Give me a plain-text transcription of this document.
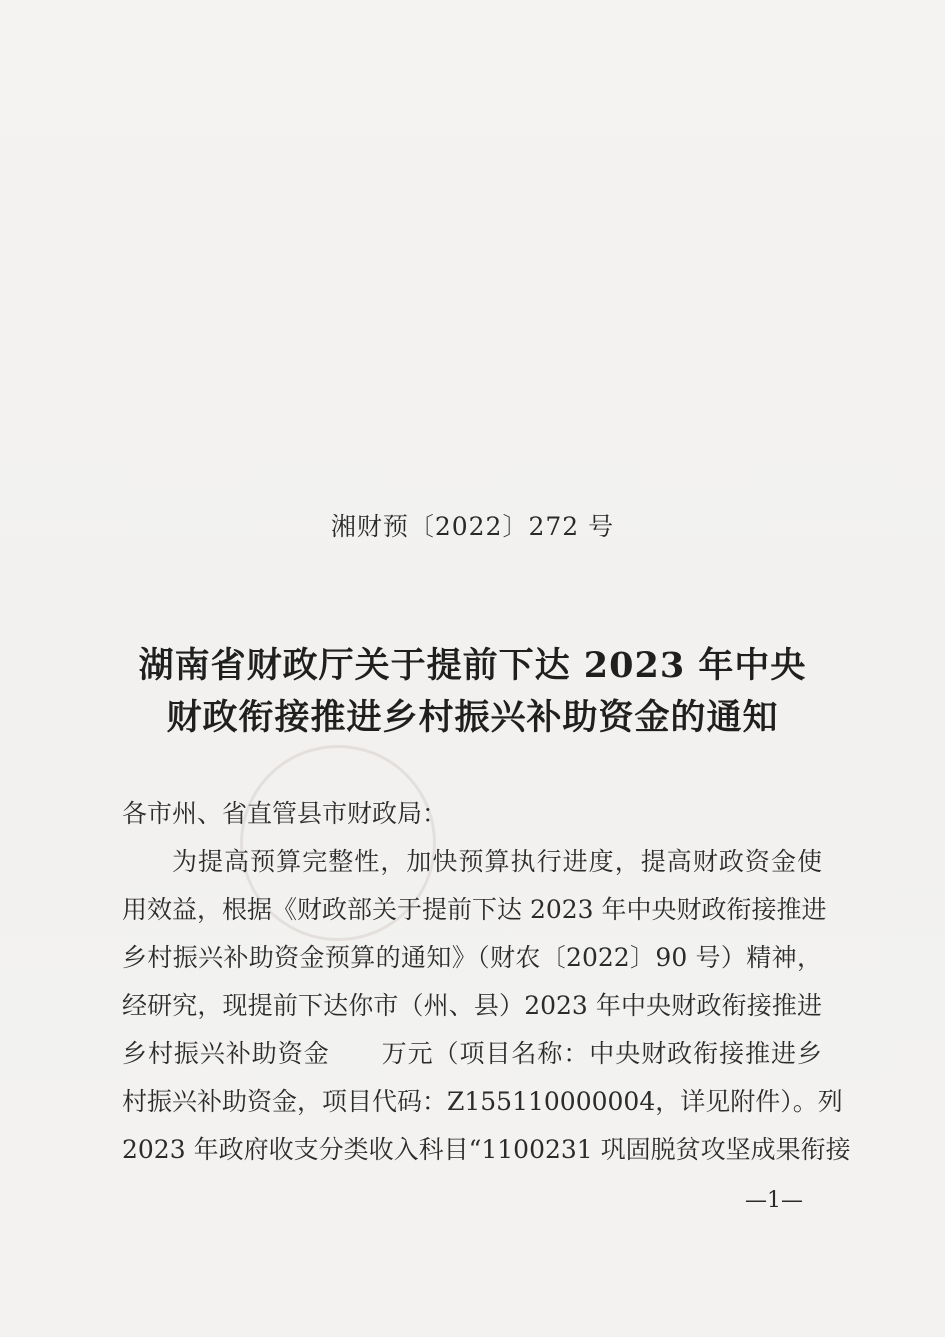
湘财预〔2022〕272 号
湖南省财政厅关于提前下达 2023 年中央
财政衔接推进乡村振兴补助资金的通知
各市州、省直管县市财政局：
为提高预算完整性，加快预算执行进度，提高财政资金使
用效益，根据《财政部关于提前下达 2023 年中央财政衔接推进
乡村振兴补助资金预算的通知》（财农〔2022〕90 号）精神，
经研究，现提前下达你市（州、县）2023 年中央财政衔接推进
乡村振兴补助资金　　万元（项目名称：中央财政衔接推进乡
村振兴补助资金，项目代码：Z155110000004，详见附件）。列
2023 年政府收支分类收入科目“1100231 巩固脱贫攻坚成果衔接
—1—
